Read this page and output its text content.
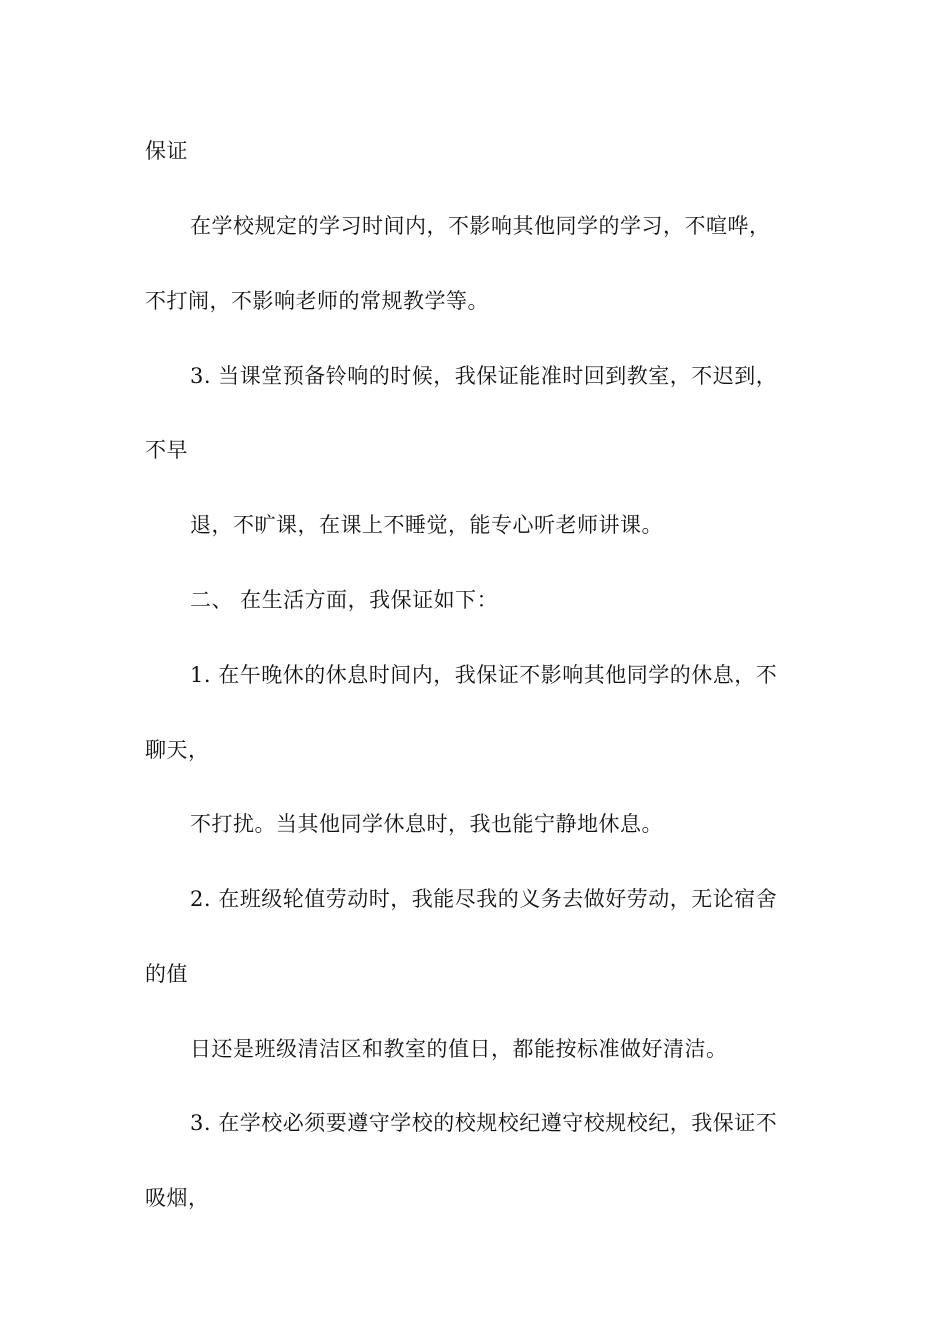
保证
在学校规定的学习时间内，不影响其他同学的学习，不喧哗，
不打闹，不影响老师的常规教学等。
3. 当课堂预备铃响的时候，我保证能准时回到教室，不迟到，
不早
退，不旷课，在课上不睡觉，能专心听老师讲课。
二、 在生活方面，我保证如下：
1. 在午晚休的休息时间内，我保证不影响其他同学的休息，不
聊天，
不打扰。当其他同学休息时，我也能宁静地休息。
2. 在班级轮值劳动时，我能尽我的义务去做好劳动，无论宿舍
的值
日还是班级清洁区和教室的值日，都能按标准做好清洁。
3. 在学校必须要遵守学校的校规校纪遵守校规校纪，我保证不
吸烟，
